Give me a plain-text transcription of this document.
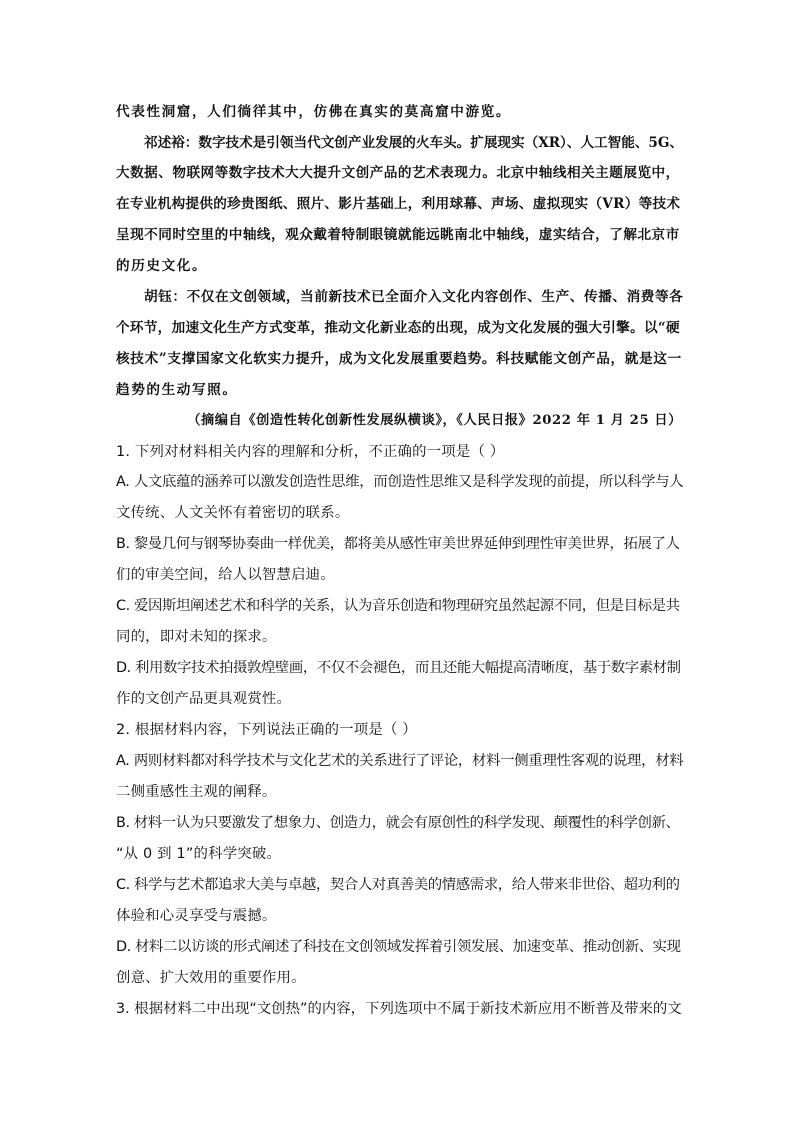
代表性洞窟，人们徜徉其中，仿佛在真实的莫高窟中游览。
祁述裕：数字技术是引领当代文创产业发展的火车头。扩展现实（XR）、人工智能、5G、
大数据、物联网等数字技术大大提升文创产品的艺术表现力。北京中轴线相关主题展览中，
在专业机构提供的珍贵图纸、照片、影片基础上，利用球幕、声场、虚拟现实（VR）等技术
呈现不同时空里的中轴线，观众戴着特制眼镜就能远眺南北中轴线，虚实结合，了解北京市
的历史文化。
胡钰：不仅在文创领域，当前新技术已全面介入文化内容创作、生产、传播、消费等各
个环节，加速文化生产方式变革，推动文化新业态的出现，成为文化发展的强大引擎。以“硬
核技术”支撑国家文化软实力提升，成为文化发展重要趋势。科技赋能文创产品，就是这一
趋势的生动写照。
（摘编自《创造性转化创新性发展纵横谈》，《人民日报》2022 年 1 月 25 日）
1. 下列对材料相关内容的理解和分析，不正确的一项是（ ）
A. 人文底蕴的涵养可以激发创造性思维，而创造性思维又是科学发现的前提，所以科学与人
文传统、人文关怀有着密切的联系。
B. 黎曼几何与钢琴协奏曲一样优美，都将美从感性审美世界延伸到理性审美世界，拓展了人
们的审美空间，给人以智慧启迪。
C. 爱因斯坦阐述艺术和科学的关系，认为音乐创造和物理研究虽然起源不同，但是目标是共
同的，即对未知的探求。
D. 利用数字技术拍摄敦煌壁画，不仅不会褪色，而且还能大幅提高清晰度，基于数字素材制
作的文创产品更具观赏性。
2. 根据材料内容，下列说法正确的一项是（ ）
A. 两则材料都对科学技术与文化艺术的关系进行了评论，材料一侧重理性客观的说理，材料
二侧重感性主观的阐释。
B. 材料一认为只要激发了想象力、创造力，就会有原创性的科学发现、颠覆性的科学创新、
“从 0 到 1”的科学突破。
C. 科学与艺术都追求大美与卓越，契合人对真善美的情感需求，给人带来非世俗、超功利的
体验和心灵享受与震撼。
D. 材料二以访谈的形式阐述了科技在文创领域发挥着引领发展、加速变革、推动创新、实现
创意、扩大效用的重要作用。
3. 根据材料二中出现“文创热”的内容，下列选项中不属于新技术新应用不断普及带来的文
